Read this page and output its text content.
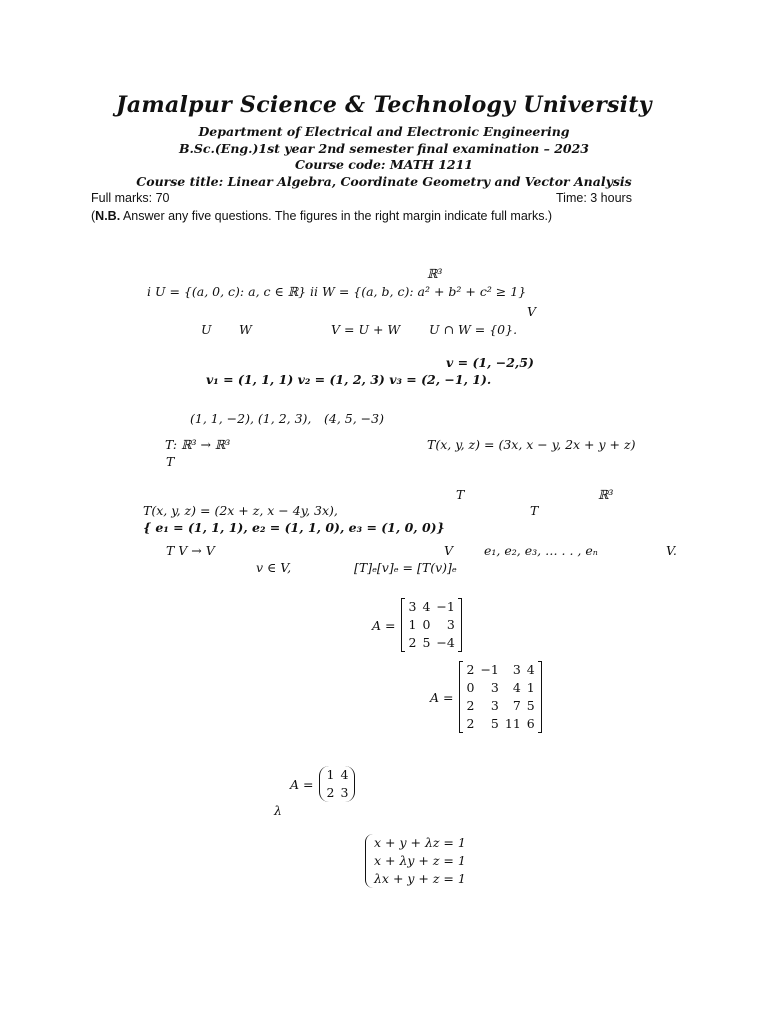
Jamalpur Science & Technology University
Department of Electrical and Electronic Engineering
B.Sc.(Eng.)1st year 2nd semester final examination – 2023
Course code: MATH 1211
Course title: Linear Algebra, Coordinate Geometry and Vector Analysis
Full marks: 70	Time: 3 hours
(N.B. Answer any five questions. The figures in the right margin indicate full marks.)
ℝ³
i U = {(a, 0, c): a, c ∈ ℝ} ii W = {(a, b, c): a² + b² + c² ≥ 1}
V
U W	V = U + W U ∩ W = {0}.
v = (1, −2,5)
v₁ = (1, 1, 1) v₂ = (1, 2, 3) v₃ = (2, −1, 1).
(1, 1, −2), (1, 2, 3), (4, 5, −3)
T: ℝ³ → ℝ³	T(x, y, z) = (3x, x − y, 2x + y + z)
T
T	ℝ³
T(x, y, z) = (2x + z, x − 4y, 3x),	T
{ e₁ = (1, 1, 1), e₂ = (1, 1, 0), e₃ = (1, 0, 0)}
T V → V	V e₁, e₂, e₃, … . . , eₙ	V.
v ∈ V,	[T]ₑ[v]ₑ = [T(v)]ₑ
A =
3 4 −1
1 0	3
2 5 −4
A =
2 −1	3 4
0	3	4 1
2	3	7 5
2	5 11 6
A =
1 4
2 3
λ
x + y + λz = 1
x + λy + z = 1
λx + y + z = 1
